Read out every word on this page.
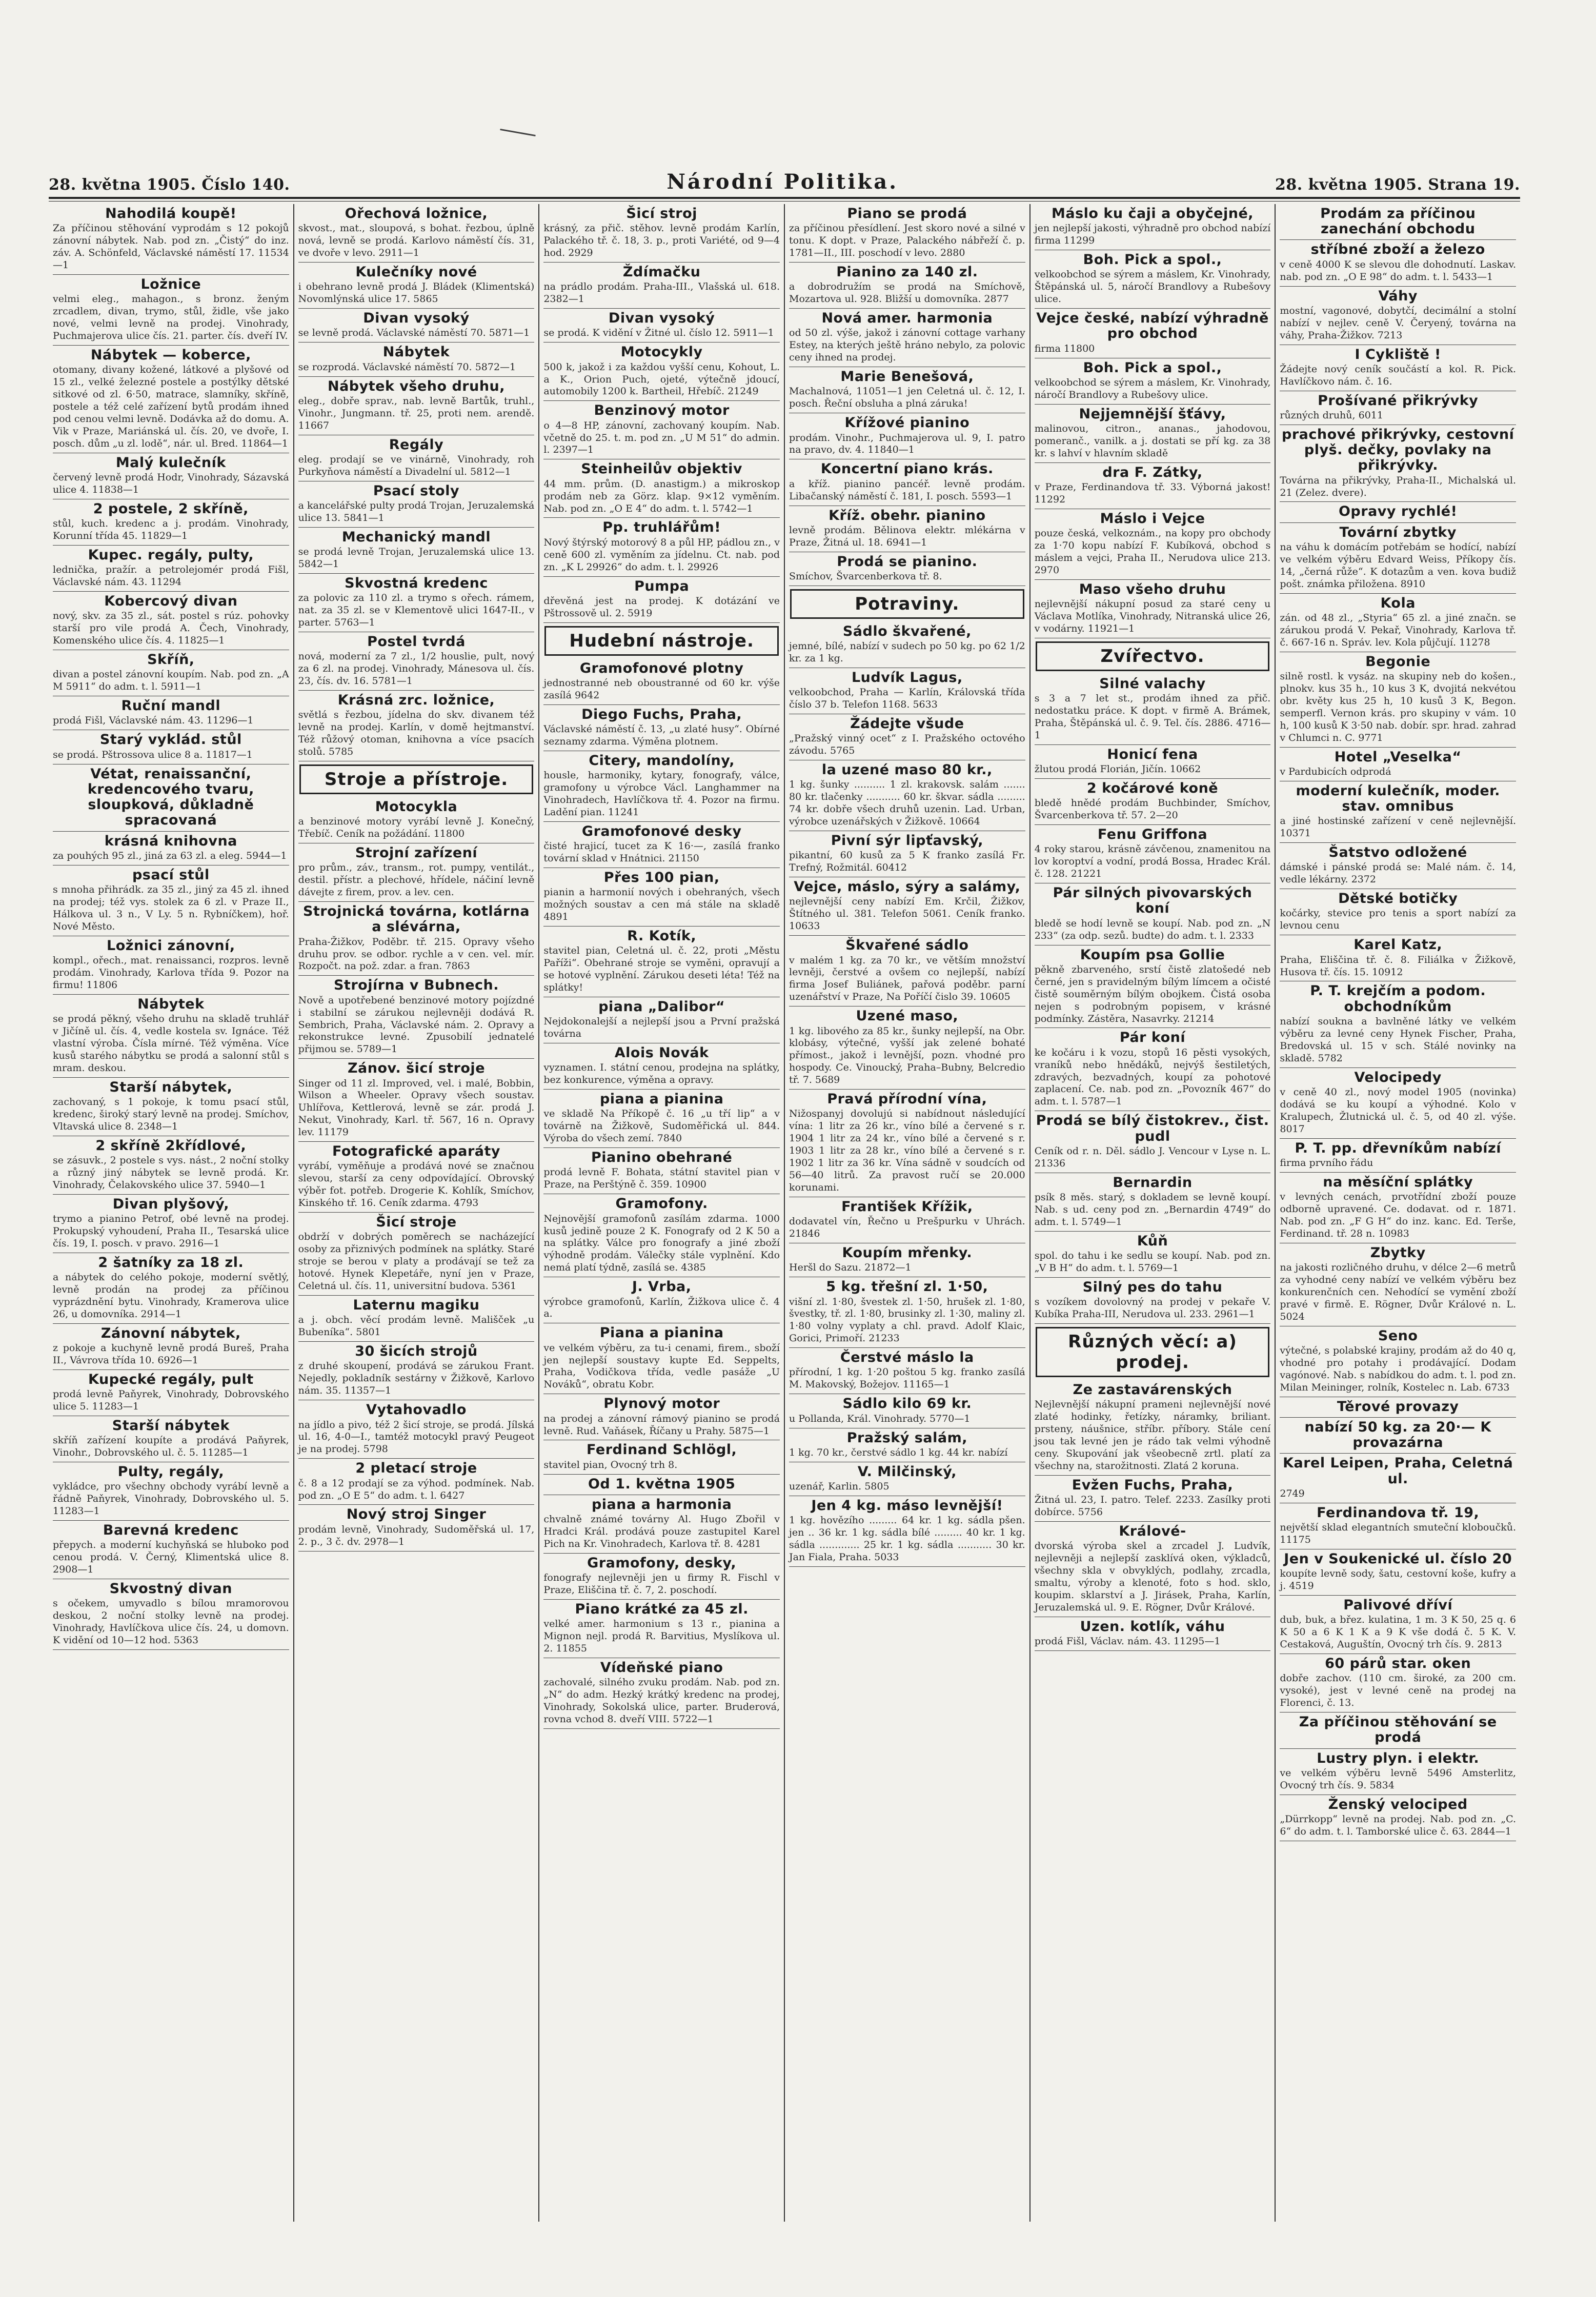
28. května 1905. Číslo 140.	Národní Politika.	28. května 1905. Strana 19.
Nahodilá koupě!

Za příčinou stěhování vyprodám s 12 pokojů zánovní nábytek. Nab. pod zn. „Čistý“ do inz. záv. A. Schönfeld, Václavské náměstí 17. 11534—1

Ložnice

velmi eleg., mahagon., s bronz. ženým zrcadlem, divan, trymo, stůl, židle, vše jako nové, velmi levně na prodej. Vinohrady, Puchmajerova ulice čís. 21. parter. čís. dveří IV.

Nábytek — koberce,

otomany, divany kožené, látkové a plyšové od 15 zl., velké železné postele a postýlky dětské sitkové od zl. 6·50, matrace, slamníky, skříně, postele a též celé zařízení bytů prodám ihned pod cenou velmi levně. Dodávka až do domu. A. Vik v Praze, Mariánská ul. čís. 20, ve dvoře, I. posch. dům „u zl. lodě“, nár. ul. Bred. 11864—1

Malý kulečník

červený levně prodá Hodr, Vinohrady, Sázavská ulice 4. 11838—1

2 postele, 2 skříně,

stůl, kuch. kredenc a j. prodám. Vinohrady, Korunní třída 45. 11829—1

Kupec. regály, pulty,

lednička, pražír. a petrolejomér prodá Fišl, Václavské nám. 43. 11294

Kobercový divan

nový, skv. za 35 zl., sát. postel s rúz. pohovky starší pro vile prodá A. Čech, Vinohrady, Komenského ulice čís. 4. 11825—1

Skříň,

divan a postel zánovní koupím. Nab. pod zn. „A M 5911“ do adm. t. l. 5911—1

Ruční mandl

prodá Fišl, Václavské nám. 43. 11296—1

Starý vyklád. stůl

se prodá. Pštrossova ulice 8 a. 11817—1

Vétat, renaissanční, kredencového tvaru, sloupková, důkladně spracovaná
krásná knihovna

za pouhých 95 zl., jiná za 63 zl. a eleg. 5944—1

psací stůl

s mnoha přihrádk. za 35 zl., jiný za 45 zl. ihned na prodej; též vys. stolek za 6 zl. v Praze II., Hálkova ul. 3 n., V Ly. 5 n. Rybníčkem), hoř. Nové Město.

Ložnici zánovní,

kompl., ořech., mat. renaissanci, rozpros. levně prodám. Vinohrady, Karlova třída 9. Pozor na firmu! 11806

Nábytek

se prodá pěkný, všeho druhu na skladě truhlář v Jičíně ul. čís. 4, vedle kostela sv. Ignáce. Též vlastní výroba. Čísla mírné. Též výměna. Více kusů starého nábytku se prodá a salonní stůl s mram. deskou.

Starší nábytek,

zachovaný, s 1 pokoje, k tomu psací stůl, kredenc, široký starý levně na prodej. Smíchov, Vltavská ulice 8. 2348—1

2 skříně 2křídlové,

se zásuvk., 2 postele s vys. nást., 2 noční stolky a různý jiný nábytek se levně prodá. Kr. Vinohrady, Čelakovského ulice 37. 5940—1

Divan plyšový,

trymo a pianino Petrof, obé levně na prodej. Prokupský vyhoudení, Praha II., Tesarská ulice čís. 19, I. posch. v pravo. 2916—1

2 šatníky za 18 zl.

a nábytek do celého pokoje, moderní světlý, levně prodán na prodej za příčinou vyprázdnění bytu. Vinohrady, Kramerova ulice 26, u domovníka. 2914—1

Zánovní nábytek,

z pokoje a kuchyně levně prodá Bureš, Praha II., Vávrova třída 10. 6926—1

Kupecké regály, pult

prodá levně Paňyrek, Vinohrady, Dobrovského ulice 5. 11283—1

Starší nábytek

skříň zařízení koupíte a prodává Paňyrek, Vinohr., Dobrovského ul. č. 5. 11285—1

Pulty, regály,

vykládce, pro všechny obchody vyrábí levně a řádně Paňyrek, Vinohrady, Dobrovského ul. 5. 11283—1

Barevná kredenc

přepych. a moderní kuchyňská se hluboko pod cenou prodá. V. Černý, Klimentská ulice 8. 2908—1

Skvostný divan

s očekem, umyvadlo s bílou mramorovou deskou, 2 noční stolky levně na prodej. Vinohrady, Havlíčkova ulice čís. 24, u domovn. K vidění od 10—12 hod. 5363

Ořechová ložnice,

skvost., mat., sloupová, s bohat. řezbou, úplně nová, levně se prodá. Karlovo náměstí čís. 31, ve dvoře v levo. 2911—1

Kulečníky nové

i obehrano levně prodá J. Bládek (Klimentská) Novomlýnská ulice 17. 5865

Divan vysoký

se levně prodá. Václavské náměstí 70. 5871—1

Nábytek

se rozprodá. Václavské náměstí 70. 5872—1

Nábytek všeho druhu,

eleg., dobře sprav., nab. levně Bartůk, truhl., Vinohr., Jungmann. tř. 25, proti nem. arendě. 11667

Regály

eleg. prodají se ve vinárně, Vinohrady, roh Purkyňova náměstí a Divadelní ul. 5812—1

Psací stoly

a kancelářské pulty prodá Trojan, Jeruzalemská ulice 13. 5841—1

Mechanický mandl

se prodá levně Trojan, Jeruzalemská ulice 13. 5842—1

Skvostná kredenc

za polovic za 110 zl. a trymo s ořech. rámem, nat. za 35 zl. se v Klementově ulici 1647-II., v parter. 5763—1

Postel tvrdá

nová, moderní za 7 zl., 1/2 houslie, pult, nový za 6 zl. na prodej. Vinohrady, Mánesova ul. čís. 23, čís. dv. 16. 5781—1

Krásná zrc. ložnice,

světlá s řezbou, jídelna do skv. divanem též levně na prodej. Karlín, v domě hejtmanství. Též růžový otoman, knihovna a více psacích stolů. 5785

Stroje a přístroje.
Motocykla

a benzinové motory vyrábí levně J. Konečný, Třebíč. Ceník na požádání. 11800

Strojní zařízení

pro prům., záv., transm., rot. pumpy, ventilát., destil. přístr. a plechové, hřídele, náčiní levně dávejte z firem, prov. a lev. cen.

Strojnická továrna, kotlárna a slévárna,

Praha-Žižkov, Poděbr. tř. 215. Opravy všeho druhu prov. se odbor. rychle a v cen. vel. mír. Rozpočt. na pož. zdar. a fran. 7863

Strojírna v Bubnech.

Nově a upotřebené benzinové motory pojízdné i stabilní se zárukou nejlevněji dodává R. Sembrich, Praha, Václavské nám. 2. Opravy a rekonstrukce levné. Zpusobilí jednatelé přijmou se. 5789—1

Zánov. šicí stroje

Singer od 11 zl. Improved, vel. i malé, Bobbin, Wilson a Wheeler. Opravy všech soustav. Uhlířova, Kettlerová, levně se zár. prodá J. Nekut, Vinohrady, Karl. tř. 567, 16 n. Opravy lev. 11179

Fotografické aparáty

vyrábí, vyměňuje a prodává nové se značnou slevou, starší za ceny odpovídající. Obrovský výběr fot. potřeb. Drogerie K. Kohlík, Smíchov, Kinského tř. 16. Ceník zdarma. 4793

Šicí stroje

obdrží v dobrých poměrech se nacházející osoby za přiznivých podmínek na splátky. Staré stroje se berou v platy a prodávají se tež za hotové. Hynek Klepetáře, nyní jen v Praze, Celetná ul. čís. 11, universitní budova. 5361

Laternu magiku

a j. obch. věcí prodám levně. Mališček „u Bubeníka“. 5801

30 šicích strojů

z druhé skoupení, prodává se zárukou Frant. Nejedly, pokladník sestárny v Žižkově, Karlovo nám. 35. 11357—1

Vytahovadlo

na jídlo a pivo, též 2 šicí stroje, se prodá. Jílská ul. 16, 4-0—I., tamtéž motocykl pravý Peugeot je na prodej. 5798

2 pletací stroje

č. 8 a 12 prodají se za výhod. podmínek. Nab. pod zn. „O E 5“ do adm. t. l. 6427

Nový stroj Singer

prodám levně, Vinohrady, Sudoměřská ul. 17, 2. p., 3 č. dv. 2978—1

Šicí stroj

krásný, za přič. stěhov. levně prodám Karlín, Palackého tř. č. 18, 3. p., proti Variété, od 9—4 hod. 2929

Ždímačku

na prádlo prodám. Praha-III., Vlašská ul. 618. 2382—1

Divan vysoký

se prodá. K vidění v Žitné ul. číslo 12. 5911—1

Motocykly

500 k, jakož i za každou vyšší cenu, Kohout, L. a K., Orion Puch, ojeté, výtečně jdoucí, automobily 1200 k. Bartheil, Hřebíč. 21249

Benzinový motor

o 4—8 HP, zánovní, zachovaný koupím. Nab. včetně do 25. t. m. pod zn. „U M 51“ do admin. l. 2397—1

Steinheilův objektiv

44 mm. prům. (D. anastigm.) a mikroskop prodám neb za Görz. klap. 9×12 vyměním. Nab. pod zn. „O E 4“ do adm. t. l. 5742—1

Pp. truhlářům!

Nový štýrský motorový 8 a půl HP, pádlou zn., v ceně 600 zl. vyměním za jídelnu. Ct. nab. pod zn. „K L 29926“ do adm. t. l. 29926

Pumpa

dřevěná jest na prodej. K dotázání ve Pštrossově ul. 2. 5919

Hudební nástroje.
Gramofonové plotny

jednostranné neb oboustranné od 60 kr. výše zasílá 9642

Diego Fuchs, Praha,

Václavské náměstí č. 13, „u zlaté husy“. Obírné seznamy zdarma. Výměna plotnem.

Citery, mandolíny,

housle, harmoniky, kytary, fonografy, válce, gramofony u výrobce Václ. Langhammer na Vinohradech, Havlíčkova tř. 4. Pozor na firmu. Ladění pian. 11241

Gramofonové desky

čisté hrajicí, tucet za K 16·—, zasílá franko tovární sklad v Hnátnici. 21150

Přes 100 pian,

pianin a harmonií nových i obehraných, všech možných soustav a cen má stále na skladě 4891

R. Kotík,

stavitel pian, Celetná ul. č. 22, proti „Městu Paříži“. Obehrané stroje se vyměni, opravují a se hotové vyplnění. Zárukou deseti léta! Též na splátky!

piana „Dalibor“

Nejdokonalejší a nejlepší jsou a První pražská továrna

Alois Novák

vyznamen. I. státní cenou, prodejna na splátky, bez konkurence, výměna a opravy.

piana a pianina

ve skladě Na Příkopě č. 16 „u tří lip“ a v továrně na Žižkově, Sudoměřická ul. 844. Výroba do všech zemí. 7840

Pianino obehrané

prodá levně F. Bohata, státní stavitel pian v Praze, na Perštýně č. 359. 10900

Gramofony.

Nejnovější gramofonů zasílám zdarma. 1000 kusů jedině pouze 2 K. Fonografy od 2 K 50 a na splátky. Válce pro fonografy a jiné zboží výhodně prodám. Válečky stále vyplnění. Kdo nemá platí týdně, zasílá se. 4385

J. Vrba,

výrobce gramofonů, Karlín, Žižkova ulice č. 4 a.

Piana a pianina

ve velkém výběru, za tu-i cenami, firem., sboží jen nejlepší soustavy kupte Ed. Seppelts, Praha, Vodičkova třída, vedle pasáže „U Nováků“, obratu Kobr.

Plynový motor

na prodej a zánovní rámový pianino se prodá levně. Rud. Vaňásek, Říčany u Prahy. 5875—1

Ferdinand Schlögl,

stavitel pian, Ovocný trh 8.

Od 1. května 1905
piana a harmonia

chvalně známé továrny Al. Hugo Zbořil v Hradci Král. prodává pouze zastupitel Karel Pich na Kr. Vinohradech, Karlova tř. 8. 4281

Gramofony, desky,

fonografy nejlevněji jen u firmy R. Fischl v Praze, Eliščina tř. č. 7, 2. poschodí.

Piano krátké za 45 zl.

velké amer. harmonium s 13 r., pianina a Mignon nejl. prodá R. Barvitius, Myslíkova ul. 2. 11855

Vídeňské piano

zachovalé, silného zvuku prodám. Nab. pod zn. „N“ do adm. Hezký krátký kredenc na prodej, Vinohrady, Sokolská ulice, parter. Bruderová, rovna vchod 8. dveří VIII. 5722—1

Piano se prodá

za příčinou přesídlení. Jest skoro nové a silné v tonu. K dopt. v Praze, Palackého nábřeží č. p. 1781—II., III. poschodí v levo. 2880

Pianino za 140 zl.

a dobrodružím se prodá na Smíchově, Mozartova ul. 928. Bližší u domovníka. 2877

Nová amer. harmonia

od 50 zl. výše, jakož i zánovní cottage varhany Estey, na kterých ještě hráno nebylo, za polovic ceny ihned na prodej.

Marie Benešová,

Machalnová, 11051—1 jen Celetná ul. č. 12, I. posch. Řeční obsluha a plná záruka!

Křížové pianino

prodám. Vinohr., Puchmajerova ul. 9, I. patro na pravo, dv. 4. 11840—1

Koncertní piano krás.

a kříž. pianino pancéř. levně prodám. Libačanský náměstí č. 181, I. posch. 5593—1

Kříž. obehr. pianino

levně prodám. Bělinova elektr. mlékárna v Praze, Žitná ul. 18. 6941—1

Prodá se pianino.

Smíchov, Švarcenberkova tř. 8.

Potraviny.
Sádlo škvařené,

jemné, bílé, nabízí v sudech po 50 kg. po 62 1/2 kr. za 1 kg.

Ludvík Lagus,

velkoobchod, Praha — Karlín, Královská třída číslo 37 b. Telefon 1168. 5633

Žádejte všude

„Pražský vinný ocet“ z I. Pražského octového závodu. 5765

la uzené maso 80 kr.,

1 kg. šunky .......... 1 zl. krakovsk. salám ....... 80 kr. tlačenky ........... 60 kr. škvar. sádla ......... 74 kr. dobře všech druhů uzenin. Lad. Urban, výrobce uzenářských v Žižkově. 10664

Pivní sýr lipťavský,

pikantní, 60 kusů za 5 K franko zasílá Fr. Trefný, Rožmitál. 60412

Vejce, máslo, sýry a salámy,

nejlevnější ceny nabízí Em. Krčil, Žižkov, Štítného ul. 381. Telefon 5061. Ceník franko. 10633

Škvařené sádlo

v malém 1 kg. za 70 kr., ve větším množství levněji, čerstvé a ovšem co nejlepší, nabízí firma Josef Buliánek, pařová poděbr. parní uzenářství v Praze, Na Poříčí čislo 39. 10605

Uzené maso,

1 kg. libového za 85 kr., šunky nejlepší, na Obr. klobásy, výtečné, vyšší jak zelené bohaté přímost., jakož i levnější, pozn. vhodné pro hospody. Ce. Vinoucký, Praha–Bubny, Belcredio tř. 7. 5689

Pravá přírodní vína,

Nižospanyj dovolujú si nabídnout následující vína: 1 litr za 26 kr., víno bílé a červené s r. 1904 1 litr za 24 kr., víno bílé a červené s r. 1903 1 litr za 28 kr., víno bílé a červené s r. 1902 1 litr za 36 kr. Vína sádně v soudcích od 56—40 litrů. Za pravost ručí se 20.000 korunami.

František Křížik,

dodavatel vín, Řečno u Prešpurku v Uhrách. 21846

Koupím mřenky.

Heršl do Sazu. 21872—1

5 kg. třešní zl. 1·50,

višní zl. 1·80, švestek zl. 1·50, hrušek zl. 1·80, švestky, tř. zl. 1·80, brusinky zl. 1·30, maliny zl. 1·80 volny vyplaty a chl. pravd. Adolf Klaic, Gorici, Primoří. 21233

Čerstvé máslo la

přírodní, 1 kg. 1·20 poštou 5 kg. franko zasílá M. Makovský, Božejov. 11165—1

Sádlo kilo 69 kr.

u Pollanda, Král. Vinohrady. 5770—1

Pražský salám,

1 kg. 70 kr., čerstvé sádlo 1 kg. 44 kr. nabízí

V. Milčinský,

uzenář, Karlin. 5805

Jen 4 kg. máso levnější!

1 kg. hovězího ......... 64 kr. 1 kg. sádla pšen. jen .. 36 kr. 1 kg. sádla bílé ......... 40 kr. 1 kg. sádla ............. 25 kr. 1 kg. sádla ........... 30 kr. Jan Fiala, Praha. 5033

Máslo ku čaji a obyčejné,

jen nejlepší jakosti, výhradně pro obchod nabízí firma 11299

Boh. Pick a spol.,

velkoobchod se sýrem a máslem, Kr. Vinohrady, Štěpánská ul. 5, náročí Brandlovy a Rubešovy ulice.

Vejce české, nabízí výhradně pro obchod

firma 11800

Boh. Pick a spol.,

velkoobchod se sýrem a máslem, Kr. Vinohrady, náročí Brandlovy a Rubešovy ulice.

Nejjemnější šťávy,

malinovou, citron., ananas., jahodovou, pomeranč., vanilk. a j. dostati se pří kg. za 38 kr. s lahví v hlavním skladě

dra F. Zátky,

v Praze, Ferdinandova tř. 33. Výborná jakost! 11292

Máslo i Vejce

pouze česká, velkoznám., na kopy pro obchody za 1·70 kopu nabízí F. Kubíková, obchod s máslem a vejci, Praha II., Nerudova ulice 213. 2970

Maso všeho druhu

nejlevnější nákupní posud za staré ceny u Václava Motlíka, Vinohrady, Nitranská ulice 26, v vodárny. 11921—1

Zvířectvo.
Silné valachy

s 3 a 7 let st., prodám ihned za přič. nedostatku práce. K dopt. v firmě A. Brámek, Praha, Štěpánská ul. č. 9. Tel. čís. 2886. 4716—1

Honicí fena

žlutou prodá Florián, Jičín. 10662

2 kočárové koně

bledě hnědé prodám Buchbinder, Smíchov, Švarcenberkova tř. 57. 2—20

Fenu Griffona

4 roky starou, krásně závčenou, znamenitou na lov koroptví a vodní, prodá Bossa, Hradec Král. č. 128. 21221

Pár silných pivovarských koní

bledě se hodí levně se koupí. Nab. pod zn. „N 233“ (za odp. sezů. budte) do adm. t. l. 2333

Koupím psa Gollie

pěkně zbarveného, srstí čistě zlatošedé neb černé, jen s pravidelným bílým límcem a očisté čistě souměrným bílým obojkem. Čistá osoba nejen s podrobným popisem, v krásné podmínky. Zástěra, Nasavrky. 21214

Pár koní

ke kočáru i k vozu, stopů 16 pěsti vysokých, vraníků nebo hnědáků, nejvýš šestiletých, zdravých, bezvadných, koupí za pohotové zaplacení. Ce. nab. pod zn. „Povozník 467“ do adm. t. l. 5787—1

Prodá se bílý čistokrev., čist. pudl

Ceník od r. n. Děl. sádlo J. Vencour v Lyse n. L. 21336

Bernardin

psík 8 měs. starý, s dokladem se levně koupí. Nab. s ud. ceny pod zn. „Bernardin 4749“ do adm. t. l. 5749—1

Kůň

spol. do tahu i ke sedlu se koupí. Nab. pod zn. „V B H“ do adm. t. l. 5769—1

Silný pes do tahu

s vozíkem dovolovný na prodej v pekaře V. Kubíka Praha-III, Nerudova ul. 233. 2961—1

Různých věcí: a) prodej.
Ze zastavárenských

Nejlevnější nákupní prameni nejlevnější nové zlaté hodinky, řetízky, náramky, briliant. prsteny, náušnice, stříbr. příbory. Stále cení jsou tak levné jen je rádo tak velmi výhodně ceny. Skupování jak všeobecně zrtl. platí za všechny na, starožitnosti. Zlatá 2 koruna.

Evžen Fuchs, Praha,

Žitná ul. 23, I. patro. Telef. 2233. Zasílky proti dobírce. 5756

Králové-

dvorská výroba skel a zrcadel J. Ludvík, nejlevněji a nejlepší zasklívá oken, výkladců, všechny skla v obvyklých, podlahy, zrcadla, smaltu, výroby a klenoté, foto s hod. sklo, koupim. sklarství a J. Jirásek, Praha, Karlín, Jeruzalemská ul. 9. E. Rögner, Dvůr Králové.

Uzen. kotlík, váhu

prodá Fišl, Václav. nám. 43. 11295—1

Prodám za příčinou zanechání obchodu
stříbné zboží a železo

v ceně 4000 K se slevou dle dohodnutí. Laskav. nab. pod zn. „O E 98“ do adm. t. l. 5433—1

Váhy

mostní, vagonové, dobytčí, decimální a stolní nabízí v nejlev. ceně V. Čeryený, továrna na váhy, Praha-Žižkov. 7213

I Cykliště !

Žádejte nový ceník součástí a kol. R. Pick. Havlíčkovo nám. č. 16.

Prošívané přikrývky

různých druhů, 6011

prachové přikrývky, cestovní plyš. dečky, povlaky na přikrývky.

Továrna na přikrývky, Praha-II., Michalská ul. 21 (Zelez. dvere).

Opravy rychlé!
Tovární zbytky

na váhu k domácím potřebám se hodící, nabízí ve velkém výběru Edvard Weiss, Příkopy čís. 14, „černá růže“. K dotazům a ven. kova budiž pošt. známka přiložena. 8910

Kola

zán. od 48 zl., „Styria“ 65 zl. a jiné značn. se zárukou prodá V. Pekař, Vinohrady, Karlova tř. č. 667-16 n. Správ. lev. Kola půjčují. 11278

Begonie

silně rostl. k vysáz. na skupiny neb do košen., plnokv. kus 35 h., 10 kus 3 K, dvojitá nekvétou obr. květy kus 25 h, 10 kusů 3 K, Begon. semperfl. Vernon krás. pro skupiny v vám. 10 h, 100 kusů K 3·50 nab. dobír. spr. hrad. zahrad v Chlumci n. C. 9771

Hotel „Veselka“

v Pardubicích odprodá

moderní kulečník, moder. stav. omnibus

a jiné hostinské zařízení v ceně nejlevnější. 10371

Šatstvo odložené

dámské i pánské prodá se: Malé nám. č. 14, vedle lékárny. 2372

Dětské botičky

kočárky, stevice pro tenis a sport nabízí za levnou cenu

Karel Katz,

Praha, Eliščina tř. č. 8. Filiálka v Žižkově, Husova tř. čís. 15. 10912

P. T. krejčím a podom. obchodníkům

nabízí soukna a bavlněné látky ve velkém výběru za levné ceny Hynek Fischer, Praha, Bredovská ul. 15 v sch. Stálé novinky na skladě. 5782

Velocipedy

v ceně 40 zl., nový model 1905 (novinka) dodává se ku koupí a výhodné. Kolo v Kralupech, Žlutnická ul. č. 5, od 40 zl. výše. 8017

P. T. pp. dřevníkům nabízí

firma prvního řádu

na měsíční splátky

v levných cenách, prvotřídní zboží pouze odborně upravené. Ce. dodavat. od r. 1871. Nab. pod zn. „F G H“ do inz. kanc. Ed. Terše, Ferdinand. tř. 28 n. 10983

Zbytky

na jakosti rozličného druhu, v délce 2—6 metrů za vyhodné ceny nabízí ve velkém výběru bez konkurenčních cen. Nehodící se vymění zboží pravé v firmě. E. Rögner, Dvůr Králové n. L. 5024

Seno

výtečné, s polabské krajiny, prodám až do 40 q, vhodné pro potahy i prodávající. Dodam vagónové. Nab. s nabídkou do adm. t. l. pod zn. Milan Meininger, rolník, Kostelec n. Lab. 6733

Těrové provazy
nabízí 50 kg. za 20·— K provazárna
Karel Leipen, Praha, Celetná ul.

2749

Ferdinandova tř. 19,

největší sklad elegantních smuteční kloboučků. 11175

Jen v Soukenické ul. číslo 20

koupíte levně sody, šatu, cestovní koše, kufry a j. 4519

Palivové dříví

dub, buk, a břez. kulatina, 1 m. 3 K 50, 25 q. 6 K 50 a 6 K 1 K a 9 K vše dodá č. 5 K. V. Cestaková, Auguštín, Ovocný trh čís. 9. 2813

60 párů star. oken

dobře zachov. (110 cm. široké, za 200 cm. vysoké), jest v levné ceně na prodej na Florenci, č. 13.

Za příčinou stěhování se prodá
Lustry plyn. i elektr.

ve velkém výběru levně 5496 Amsterlitz, Ovocný trh čís. 9. 5834

Ženský velociped

„Dürrkopp“ levně na prodej. Nab. pod zn. „C. 6“ do adm. t. l. Tamborské ulice č. 63. 2844—1
